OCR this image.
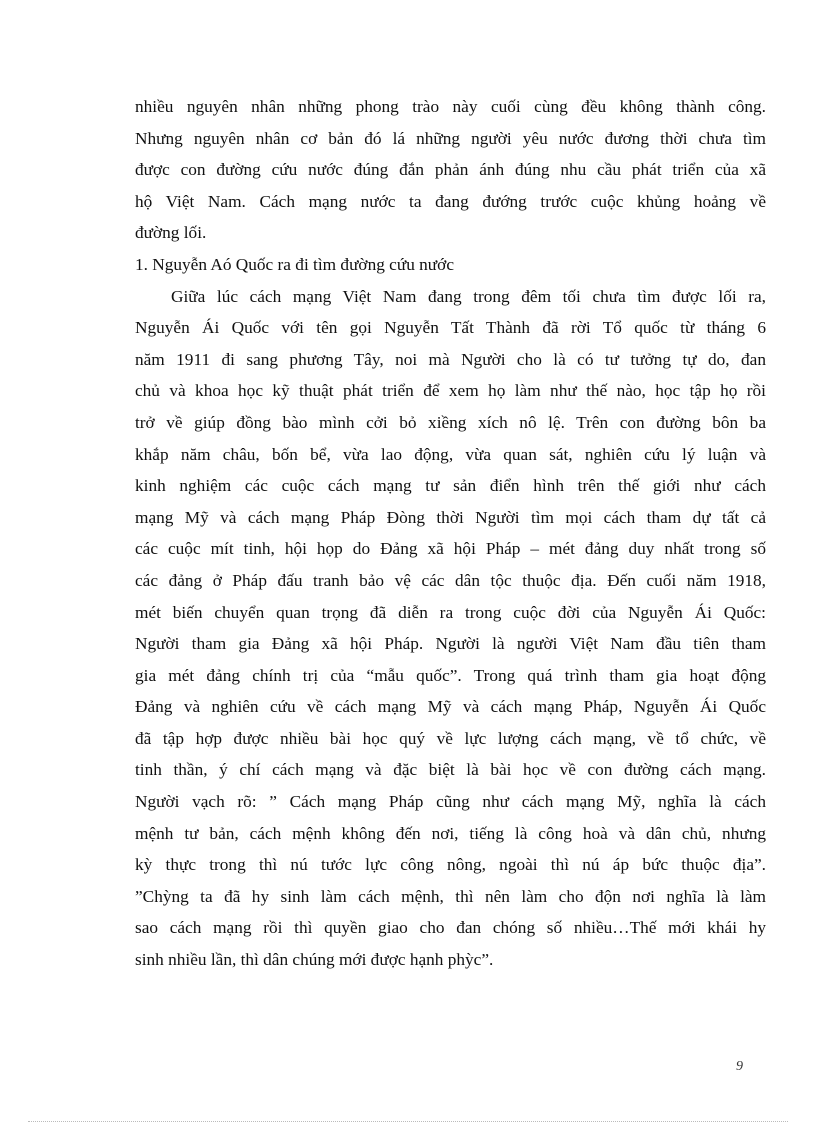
nhiều nguyên nhân những phong trào này cuối cùng đều không thành công.
Nhưng nguyên nhân cơ bản đó lá những người yêu nước đương thời chưa tìm
được con đường cứu nước đúng đắn phản ánh đúng nhu cầu phát triển của xã
hộ Việt Nam. Cách mạng nước ta đang đướng trước cuộc khủng hoảng về
đường lối.
1. Nguyễn Aó Quốc ra đi tìm đường cứu nước
Giữa lúc cách mạng Việt Nam đang trong đêm tối chưa tìm được lối ra,
Nguyễn Ái Quốc với tên gọi Nguyễn Tất Thành đã rời Tổ quốc từ tháng 6
năm 1911 đi sang phương Tây, noi mà Người cho là có tư tưởng tự do, đan
chủ và khoa học kỹ thuật phát triển để xem họ làm như thế nào, học tập họ rồi
trở về giúp đồng bào mình cởi bỏ xiềng xích nô lệ. Trên con đường bôn ba
khắp năm châu, bốn bể, vừa lao động, vừa quan sát, nghiên cứu lý luận và
kinh nghiệm các cuộc cách mạng tư sản điển hình trên thế giới như cách
mạng Mỹ và cách mạng Pháp Đòng thời Người tìm mọi cách tham dự tất cả
các cuộc mít tinh, hội họp do Đảng xã hội Pháp – mét đảng duy nhất trong số
các đảng ở Pháp đấu tranh bảo vệ các dân tộc thuộc địa. Đến cuối năm 1918,
mét biến chuyển quan trọng đã diễn ra trong cuộc đời của Nguyễn Ái Quốc:
Người tham gia Đảng xã hội Pháp. Người là người Việt Nam đầu tiên tham
gia mét đảng chính trị của “mẫu quốc”. Trong quá trình tham gia hoạt động
Đảng và nghiên cứu về cách mạng Mỹ và cách mạng Pháp, Nguyễn Ái Quốc
đã tập hợp được nhiều bài học quý về lực lượng cách mạng, về tổ chức, về
tinh thần, ý chí cách mạng và đặc biệt là bài học về con đường cách mạng.
Người vạch rõ: ” Cách mạng Pháp cũng như cách mạng Mỹ, nghĩa là cách
mệnh tư bản, cách mệnh không đến nơi, tiếng là công hoà và dân chủ, nhưng
kỳ thực trong thì nú tước lực công nông, ngoài thì nú áp bức thuộc địa”.
”Chỳng ta đã hy sinh làm cách mệnh, thì nên làm cho độn nơi nghĩa là làm
sao cách mạng rồi thì quyền giao cho đan chóng số nhiều…Thế mới khái hy
sinh nhiều lần, thì dân chúng mới được hạnh phỳc”.
9
